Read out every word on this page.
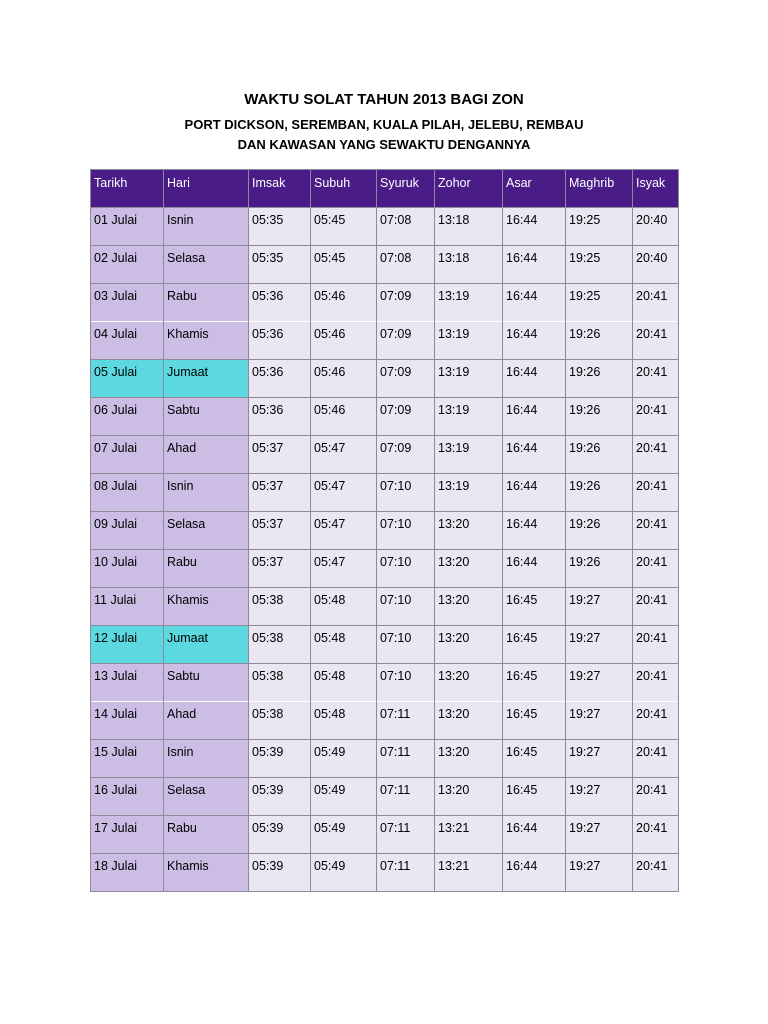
WAKTU SOLAT TAHUN 2013 BAGI ZON
PORT DICKSON, SEREMBAN, KUALA PILAH, JELEBU, REMBAU
DAN KAWASAN YANG SEWAKTU DENGANNYA
Tarikh	Hari	Imsak	Subuh	Syuruk	Zohor	Asar	Maghrib	Isyak
01 Julai	Isnin	05:35	05:45	07:08	13:18	16:44	19:25	20:40
02 Julai	Selasa	05:35	05:45	07:08	13:18	16:44	19:25	20:40
03 Julai	Rabu	05:36	05:46	07:09	13:19	16:44	19:25	20:41
04 Julai	Khamis	05:36	05:46	07:09	13:19	16:44	19:26	20:41
05 Julai	Jumaat	05:36	05:46	07:09	13:19	16:44	19:26	20:41
06 Julai	Sabtu	05:36	05:46	07:09	13:19	16:44	19:26	20:41
07 Julai	Ahad	05:37	05:47	07:09	13:19	16:44	19:26	20:41
08 Julai	Isnin	05:37	05:47	07:10	13:19	16:44	19:26	20:41
09 Julai	Selasa	05:37	05:47	07:10	13:20	16:44	19:26	20:41
10 Julai	Rabu	05:37	05:47	07:10	13:20	16:44	19:26	20:41
11 Julai	Khamis	05:38	05:48	07:10	13:20	16:45	19:27	20:41
12 Julai	Jumaat	05:38	05:48	07:10	13:20	16:45	19:27	20:41
13 Julai	Sabtu	05:38	05:48	07:10	13:20	16:45	19:27	20:41
14 Julai	Ahad	05:38	05:48	07:11	13:20	16:45	19:27	20:41
15 Julai	Isnin	05:39	05:49	07:11	13:20	16:45	19:27	20:41
16 Julai	Selasa	05:39	05:49	07:11	13:20	16:45	19:27	20:41
17 Julai	Rabu	05:39	05:49	07:11	13:21	16:44	19:27	20:41
18 Julai	Khamis	05:39	05:49	07:11	13:21	16:44	19:27	20:41
